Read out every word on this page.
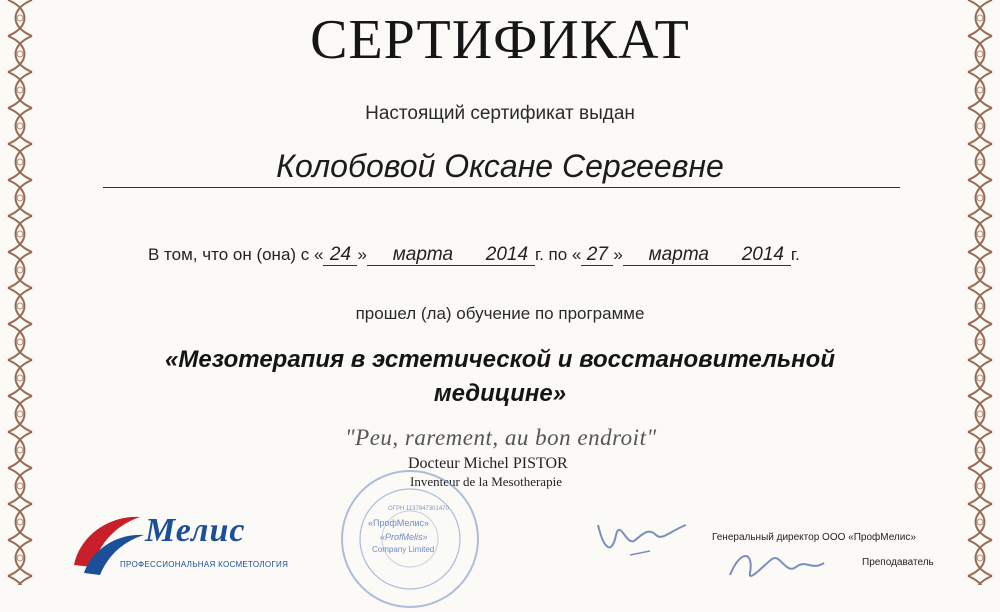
СЕРТИФИКАТ
Настоящий сертификат выдан
Колобовой Оксане Сергеевне
В том, что он (она) с « 24 » марта 2014 г. по « 27 » марта 2014 г.
прошел (ла) обучение по программе
«Мезотерапия в эстетической и восстановительной медицине»
"Peu, rarement, au bon endroit"
Docteur Michel PISTOR
Inventeur de la Mesotherapie
ОГРН 1137847301470
«ПрофМелис»
«ProfMelis»
Company Limited
Генеральный директор ООО «ПрофМелис»
Преподаватель
Мелис
ПРОФЕССИОНАЛЬНАЯ КОСМЕТОЛОГИЯ
